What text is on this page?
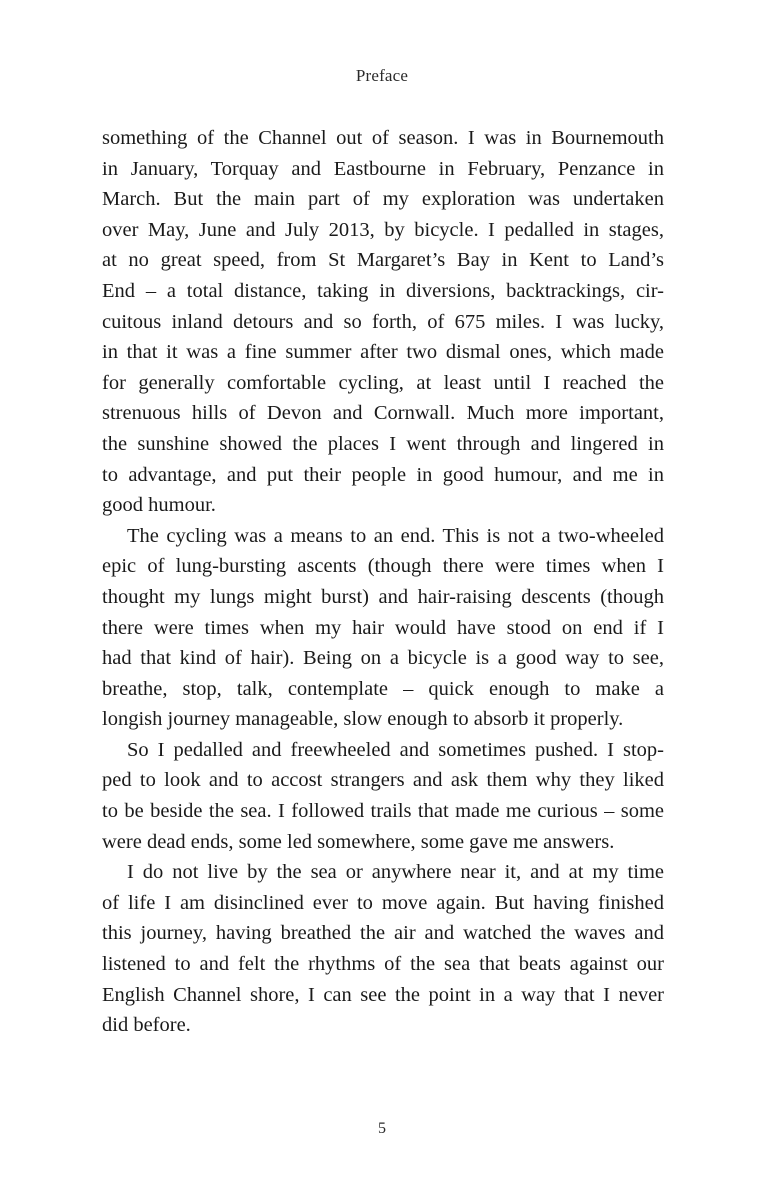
Preface
something of the Channel out of season. I was in Bournemouth
in January, Torquay and Eastbourne in February, Penzance in
March. But the main part of my exploration was undertaken
over May, June and July 2013, by bicycle. I pedalled in stages,
at no great speed, from St Margaret’s Bay in Kent to Land’s
End – a total distance, taking in diversions, backtrackings, cir-
cuitous inland detours and so forth, of 675 miles. I was lucky,
in that it was a fine summer after two dismal ones, which made
for generally comfortable cycling, at least until I reached the
strenuous hills of Devon and Cornwall. Much more important,
the sunshine showed the places I went through and lingered in
to advantage, and put their people in good humour, and me in
good humour.
The cycling was a means to an end. This is not a two-wheeled
epic of lung-bursting ascents (though there were times when I
thought my lungs might burst) and hair-raising descents (though
there were times when my hair would have stood on end if I
had that kind of hair). Being on a bicycle is a good way to see,
breathe, stop, talk, contemplate – quick enough to make a
longish journey manageable, slow enough to absorb it properly.
So I pedalled and freewheeled and sometimes pushed. I stop-
ped to look and to accost strangers and ask them why they liked
to be beside the sea. I followed trails that made me curious – some
were dead ends, some led somewhere, some gave me answers.
I do not live by the sea or anywhere near it, and at my time
of life I am disinclined ever to move again. But having finished
this journey, having breathed the air and watched the waves and
listened to and felt the rhythms of the sea that beats against our
English Channel shore, I can see the point in a way that I never
did before.
5
